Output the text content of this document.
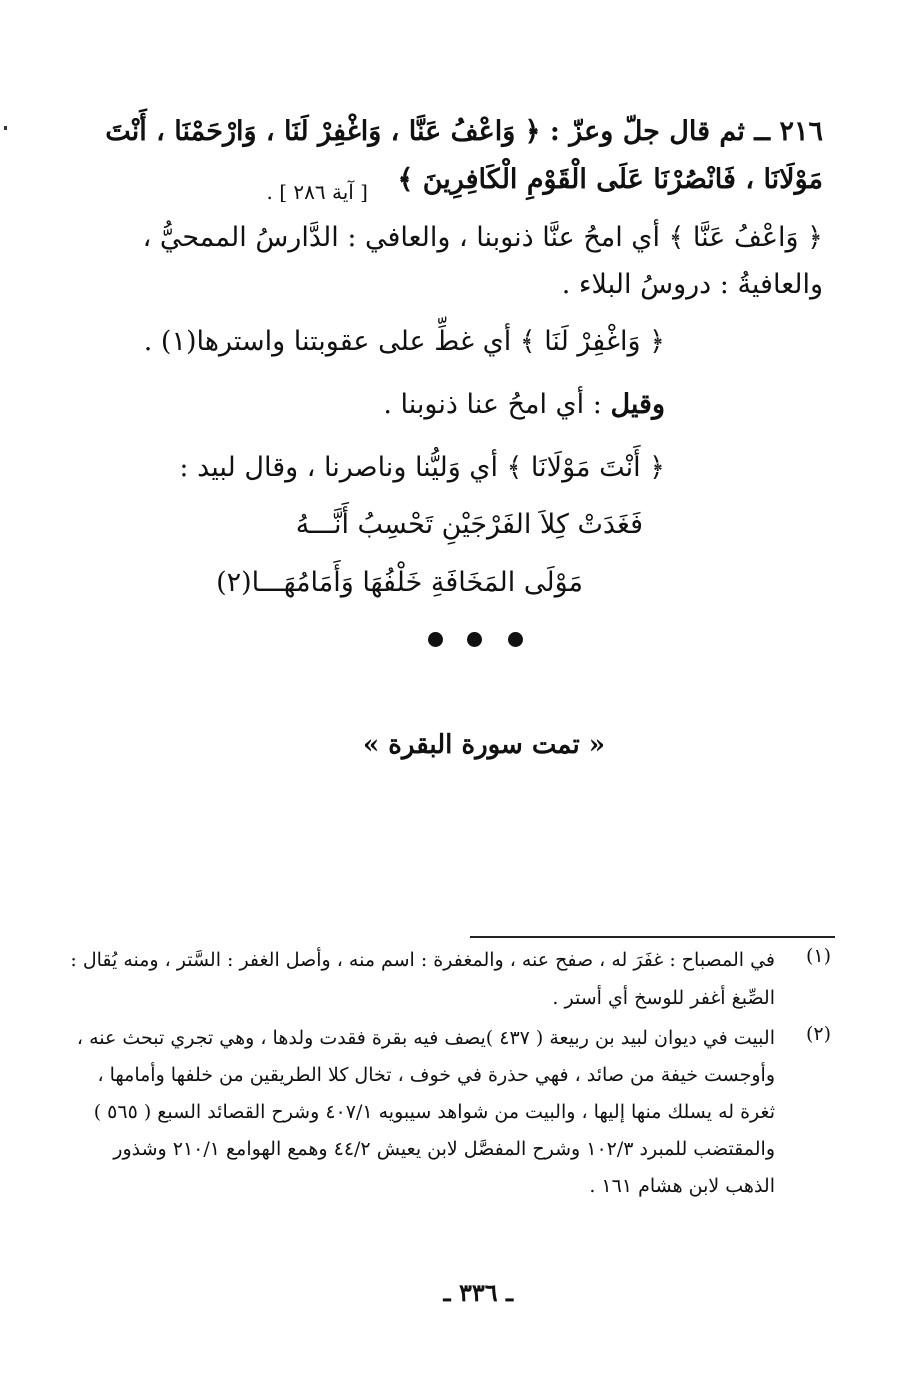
٢١٦ ــ ثم قال جلّ وعزّ : ﴿ وَاعْفُ عَنَّا ، وَاغْفِرْ لَنَا ، وَارْحَمْنَا ، أَنْتَ
مَوْلَانَا ، فَانْصُرْنَا عَلَى الْقَوْمِ الْكَافِرِينَ ﴾
[ آية ٢٨٦ ] .
﴿ وَاعْفُ عَنَّا ﴾ أي امحُ عنَّا ذنوبنا ، والعافي : الدَّارسُ الممحيُّ ،
والعافيةُ : دروسُ البلاء .
﴿ وَاغْفِرْ لَنَا ﴾ أي غطِّ على عقوبتنا واسترها(١) .
وقيل : أي امحُ عنا ذنوبنا .
﴿ أَنْتَ مَوْلَانَا ﴾ أي وَليُّنا وناصرنا ، وقال لبيد :
فَغَدَتْ كِلاَ الفَرْجَيْنِ تَحْسِبُ أَنَّـــهُ
مَوْلَى المَخَافَةِ خَلْفُهَا وَأَمَامُهَـــا(٢)
« تمت سورة البقرة »
(١)
في المصباح : غفَرَ له ، صفح عنه ، والمغفرة : اسم منه ، وأصل الغفر : السَّتر ، ومنه يُقال :
الصِّبغ أغفر للوسخ أي أستر .
(٢)
البيت في ديوان لبيد بن ربيعة ( ٤٣٧ )يصف فيه بقرة فقدت ولدها ، وهي تجري تبحث عنه ،
وأوجست خيفة من صائد ، فهي حذرة في خوف ، تخال كلا الطريقين من خلفها وأمامها ،
ثغرة له يسلك منها إليها ، والبيت من شواهد سيبويه ٤٠٧/١ وشرح القصائد السبع ( ٥٦٥ )
والمقتضب للمبرد ١٠٢/٣ وشرح المفصَّل لابن يعيش ٤٤/٢ وهمع الهوامع ٢١٠/١ وشذور
الذهب لابن هشام ١٦١ .
ـ ٣٣٦ ـ
